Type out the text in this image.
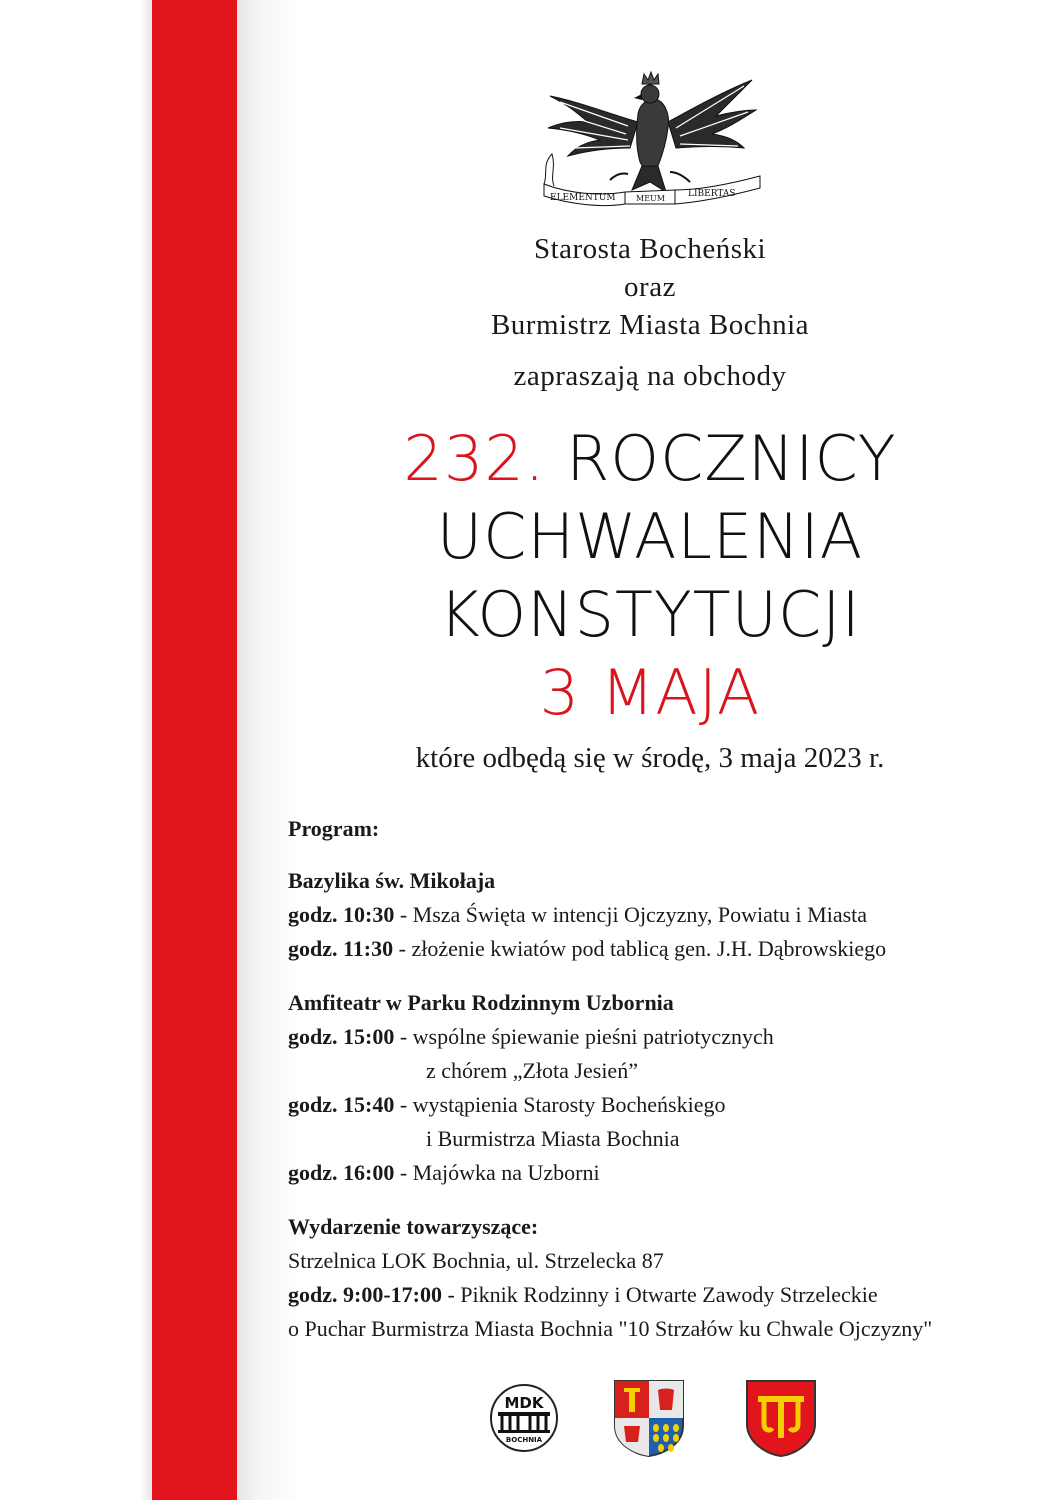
ELEMENTUM	MEUM	LIBERTAS
Starosta Bocheński
oraz
Burmistrz Miasta Bochnia
zapraszają na obchody
232. ROCZNICY
UCHWALENIA
KONSTYTUCJI
3 MAJA
które odbędą się w środę, 3 maja 2023 r.
Program:
Bazylika św. Mikołaja
godz. 10:30 - Msza Święta w intencji Ojczyzny, Powiatu i Miasta
godz. 11:30 - złożenie kwiatów pod tablicą gen. J.H. Dąbrowskiego
Amfiteatr w Parku Rodzinnym Uzbornia
godz. 15:00 - wspólne śpiewanie pieśni patriotycznych
z chórem „Złota Jesień”
godz. 15:40 - wystąpienia Starosty Bocheńskiego
i Burmistrza Miasta Bochnia
godz. 16:00 - Majówka na Uzborni
Wydarzenie towarzyszące:
Strzelnica LOK Bochnia, ul. Strzelecka 87
godz. 9:00-17:00 - Piknik Rodzinny i Otwarte Zawody Strzeleckie
o Puchar Burmistrza Miasta Bochnia "10 Strzałów ku Chwale Ojczyzny"
MDK
BOCHNIA
